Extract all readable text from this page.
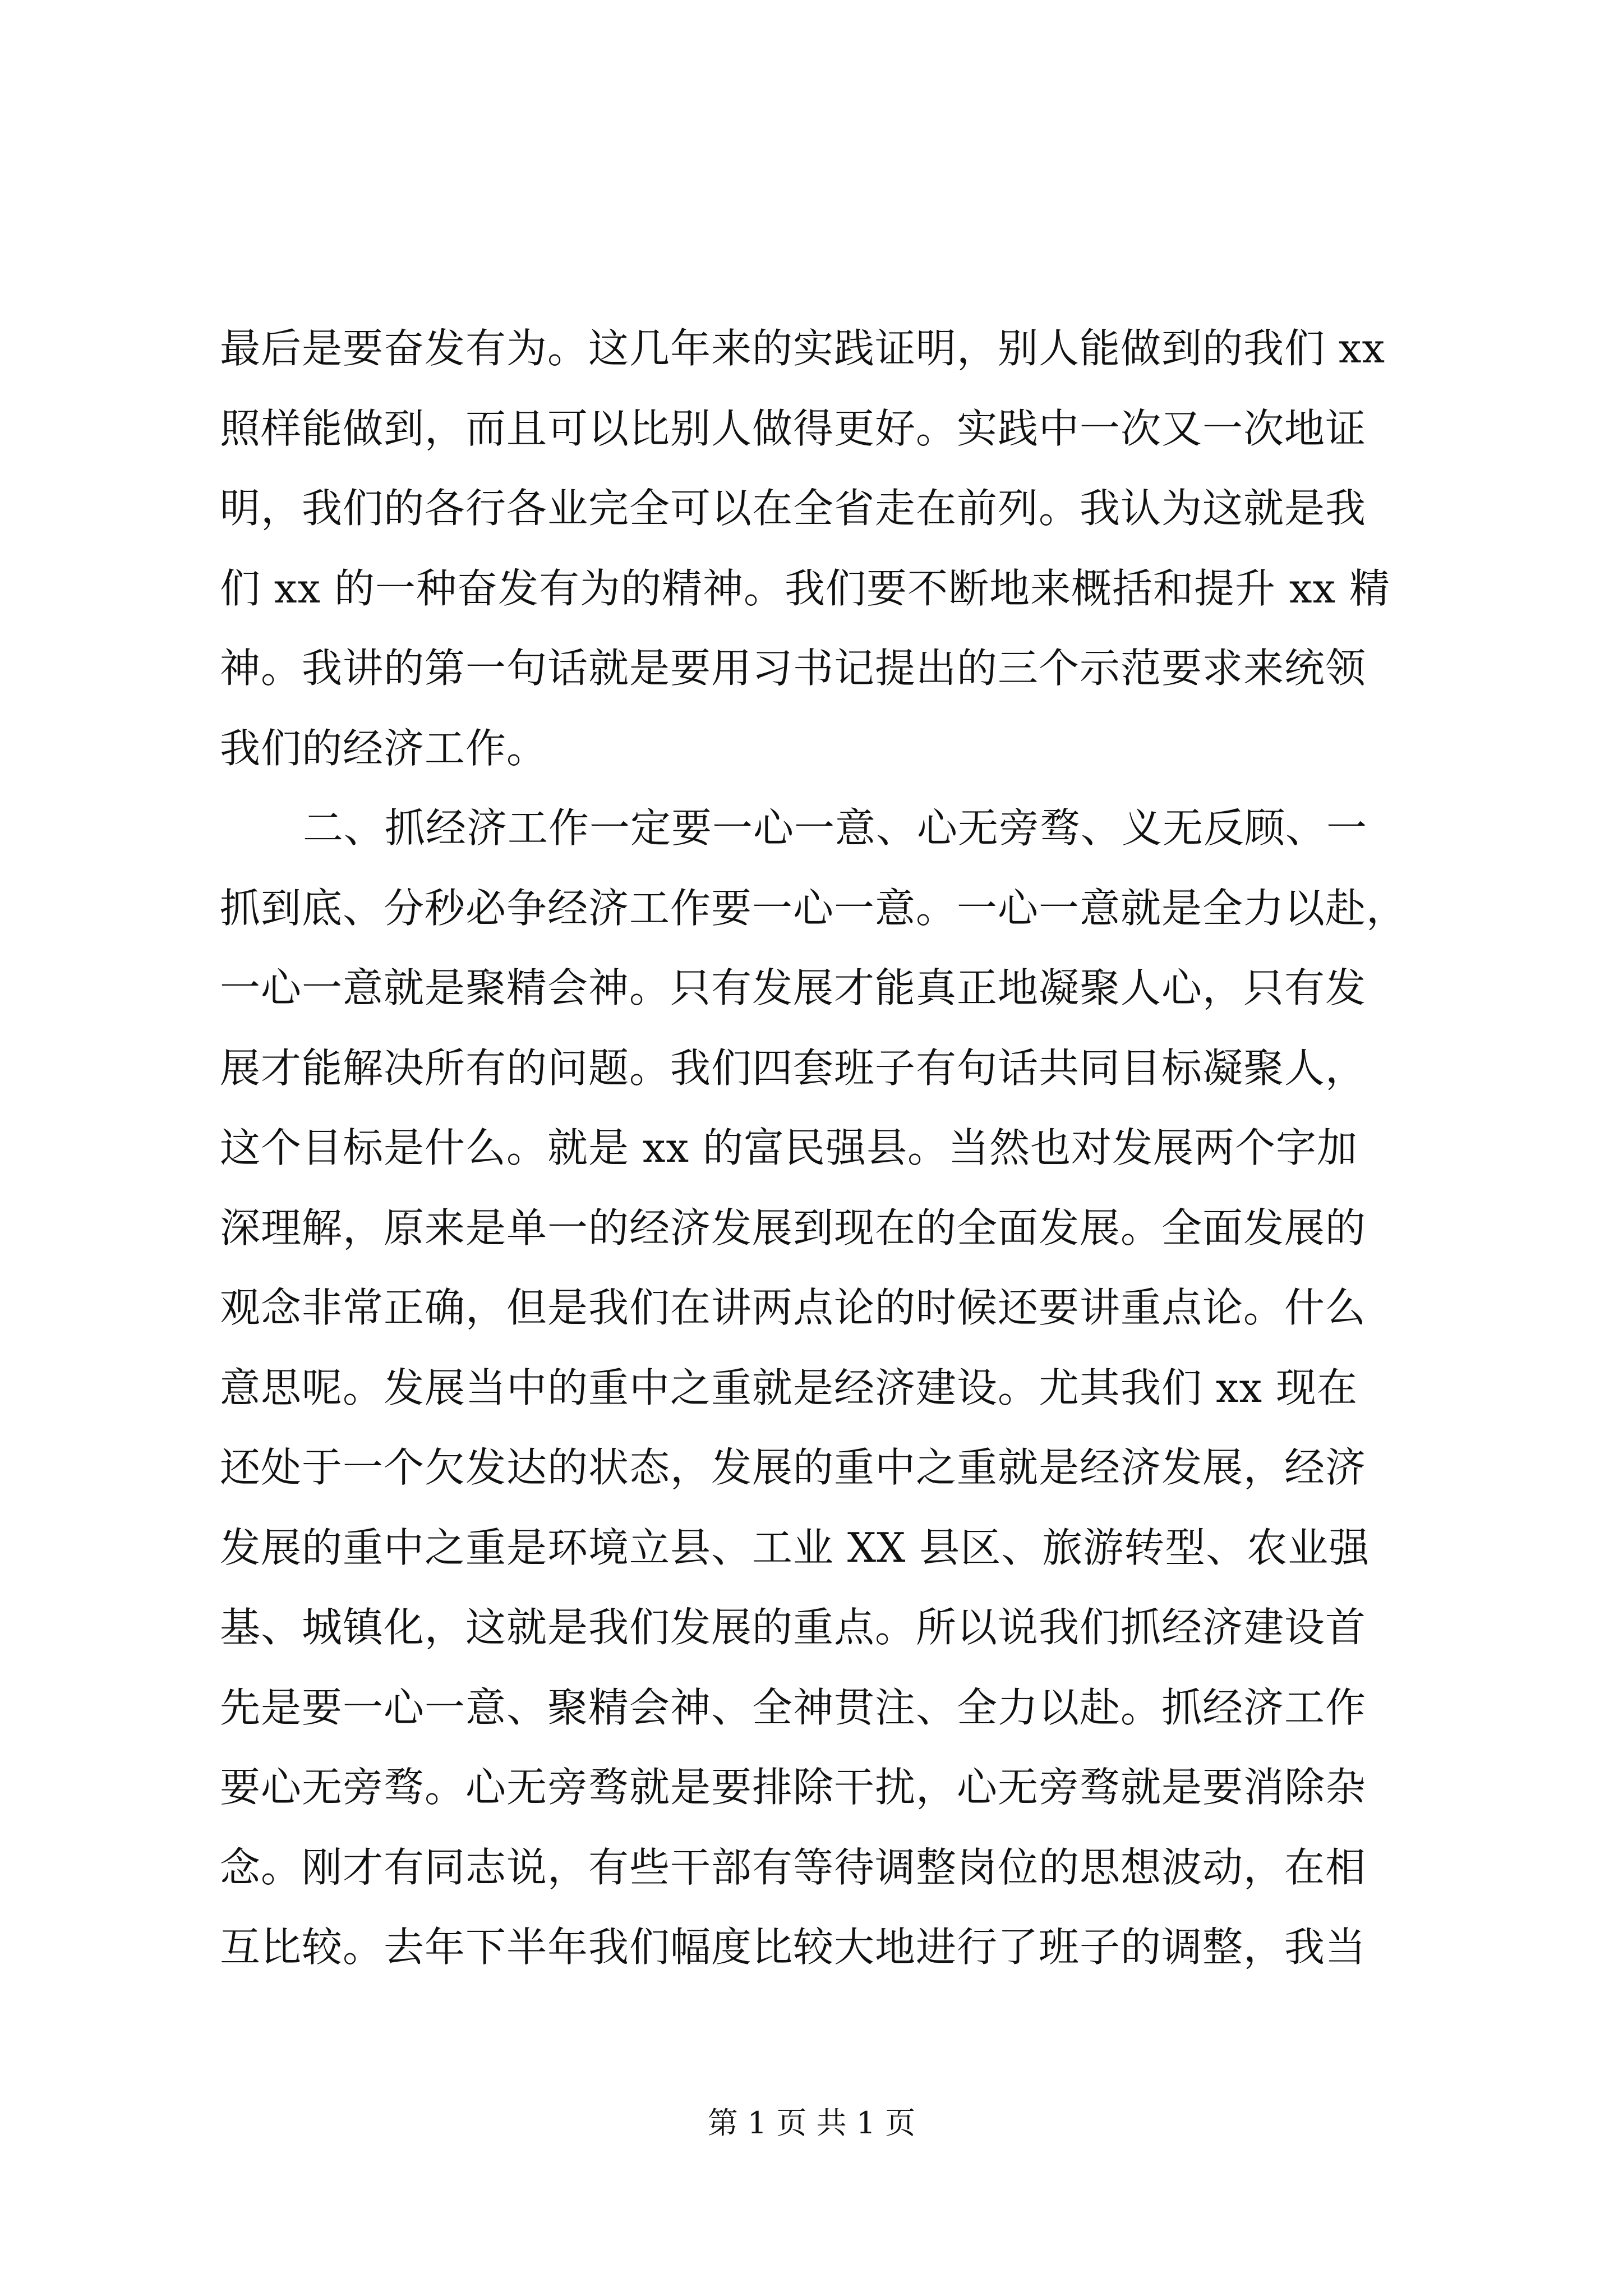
最后是要奋发有为。这几年来的实践证明，别人能做到的我们 xx
照样能做到，而且可以比别人做得更好。实践中一次又一次地证
明，我们的各行各业完全可以在全省走在前列。我认为这就是我
们 xx 的一种奋发有为的精神。我们要不断地来概括和提升 xx 精
神。我讲的第一句话就是要用习书记提出的三个示范要求来统领
我们的经济工作。
二、抓经济工作一定要一心一意、心无旁骛、义无反顾、一
抓到底、分秒必争经济工作要一心一意。一心一意就是全力以赴，
一心一意就是聚精会神。只有发展才能真正地凝聚人心，只有发
展才能解决所有的问题。我们四套班子有句话共同目标凝聚人，
这个目标是什么。就是 xx 的富民强县。当然也对发展两个字加
深理解，原来是单一的经济发展到现在的全面发展。全面发展的
观念非常正确，但是我们在讲两点论的时候还要讲重点论。什么
意思呢。发展当中的重中之重就是经济建设。尤其我们 xx 现在
还处于一个欠发达的状态，发展的重中之重就是经济发展，经济
发展的重中之重是环境立县、工业 XX 县区、旅游转型、农业强
基、城镇化，这就是我们发展的重点。所以说我们抓经济建设首
先是要一心一意、聚精会神、全神贯注、全力以赴。抓经济工作
要心无旁骛。心无旁骛就是要排除干扰，心无旁骛就是要消除杂
念。刚才有同志说，有些干部有等待调整岗位的思想波动，在相
互比较。去年下半年我们幅度比较大地进行了班子的调整，我当
第 1 页 共 1 页
